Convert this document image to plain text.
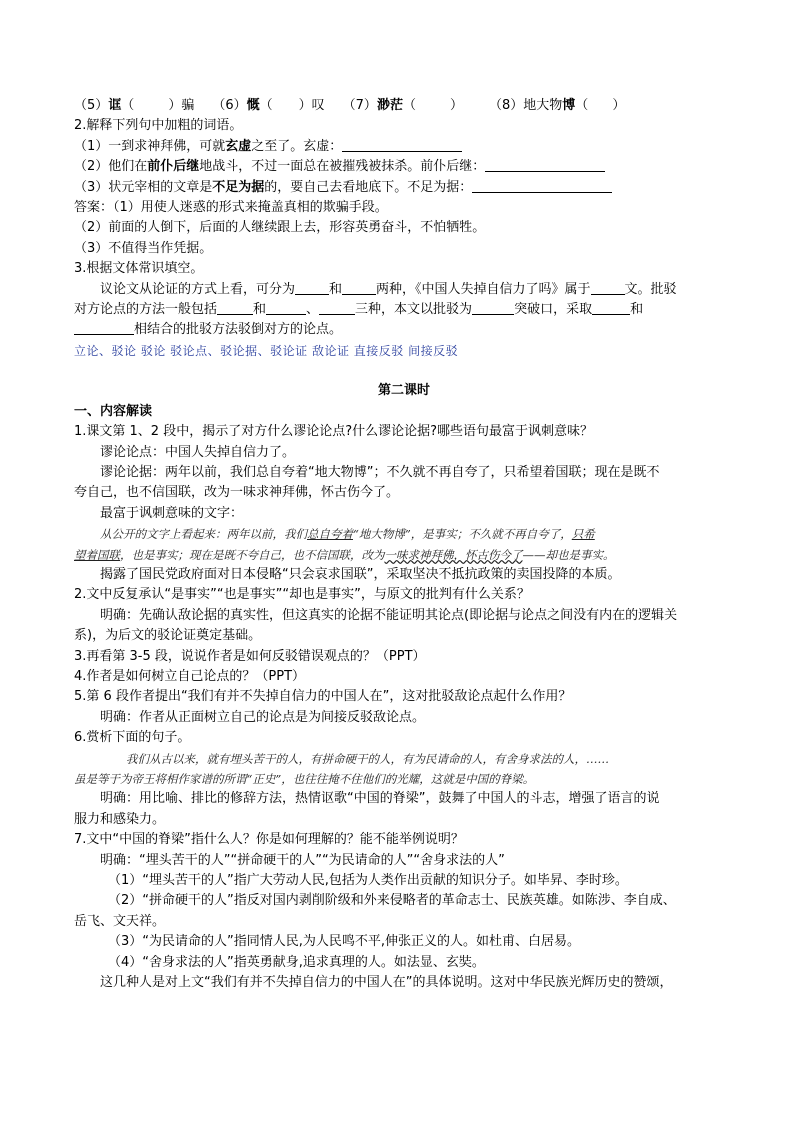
（5）诓（	）骗 （6）慨（ ）叹 （7）渺茫（	） （8）地大物博（ ）
2.解释下列句中加粗的词语。
（1）一到求神拜佛，可就玄虚之至了。玄虚：
（2）他们在前仆后继地战斗，不过一面总在被摧残被抹杀。前仆后继：
（3）状元宰相的文章是不足为据的，要自己去看地底下。不足为据：
答案：（1）用使人迷惑的形式来掩盖真相的欺骗手段。
（2）前面的人倒下，后面的人继续跟上去，形容英勇奋斗，不怕牺牲。
（3）不值得当作凭据。
3.根据文体常识填空。
议论文从论证的方式上看，可分为	和	两种，《中国人失掉自信力了吗》属于	文。批驳
对方论点的方法一般包括	和	、	三种，本文以批驳为	突破口，采取	和
相结合的批驳方法驳倒对方的论点。
立论、驳论 驳论 驳论点、驳论据、驳论证 敌论证 直接反驳 间接反驳
第二课时
一、内容解读
1.课文第 1、2 段中，揭示了对方什么谬论论点?什么谬论论据?哪些语句最富于讽刺意味？
谬论论点：中国人失掉自信力了。
谬论论据：两年以前，我们总自夸着“地大物博”；不久就不再自夸了，只希望着国联；现在是既不
夸自己，也不信国联，改为一味求神拜佛，怀古伤今了。
最富于讽刺意味的文字：
从公开的文字上看起来：两年以前，我们总自夸着“地大物博”，是事实；不久就不再自夸了，只希
望着国联，也是事实；现在是既不夸自己，也不信国联，改为一味求神拜佛，怀古伤今了——却也是事实。
揭露了国民党政府面对日本侵略“只会哀求国联”，采取坚决不抵抗政策的卖国投降的本质。
2.文中反复承认“是事实”“也是事实”“却也是事实”，与原文的批判有什么关系？
明确：先确认敌论据的真实性，但这真实的论据不能证明其论点(即论据与论点之间没有内在的逻辑关
系)，为后文的驳论证奠定基础。
3.再看第 3-5 段，说说作者是如何反驳错误观点的？（PPT）
4.作者是如何树立自己论点的？（PPT）
5.第 6 段作者提出“我们有并不失掉自信力的中国人在”，这对批驳敌论点起什么作用？
明确：作者从正面树立自己的论点是为间接反驳敌论点。
6.赏析下面的句子。
我们从古以来，就有埋头苦干的人，有拼命硬干的人，有为民请命的人，有舍身求法的人，……
虽是等于为帝王将相作家谱的所谓“正史”，也往往掩不住他们的光耀，这就是中国的脊梁。
明确：用比喻、排比的修辞方法，热情讴歌“中国的脊梁”，鼓舞了中国人的斗志，增强了语言的说
服力和感染力。
7.文中“中国的脊梁”指什么人？你是如何理解的？能不能举例说明？
明确：“埋头苦干的人”“拼命硬干的人”“为民请命的人”“舍身求法的人”
（1）“埋头苦干的人”指广大劳动人民,包括为人类作出贡献的知识分子。如毕昇、李时珍。
（2）“拼命硬干的人”指反对国内剥削阶级和外来侵略者的革命志士、民族英雄。如陈涉、李自成、
岳飞、文天祥。
（3）“为民请命的人”指同情人民,为人民鸣不平,伸张正义的人。如杜甫、白居易。
（4）“舍身求法的人”指英勇献身,追求真理的人。如法显、玄奘。
这几种人是对上文“我们有并不失掉自信力的中国人在”的具体说明。这对中华民族光辉历史的赞颂，
